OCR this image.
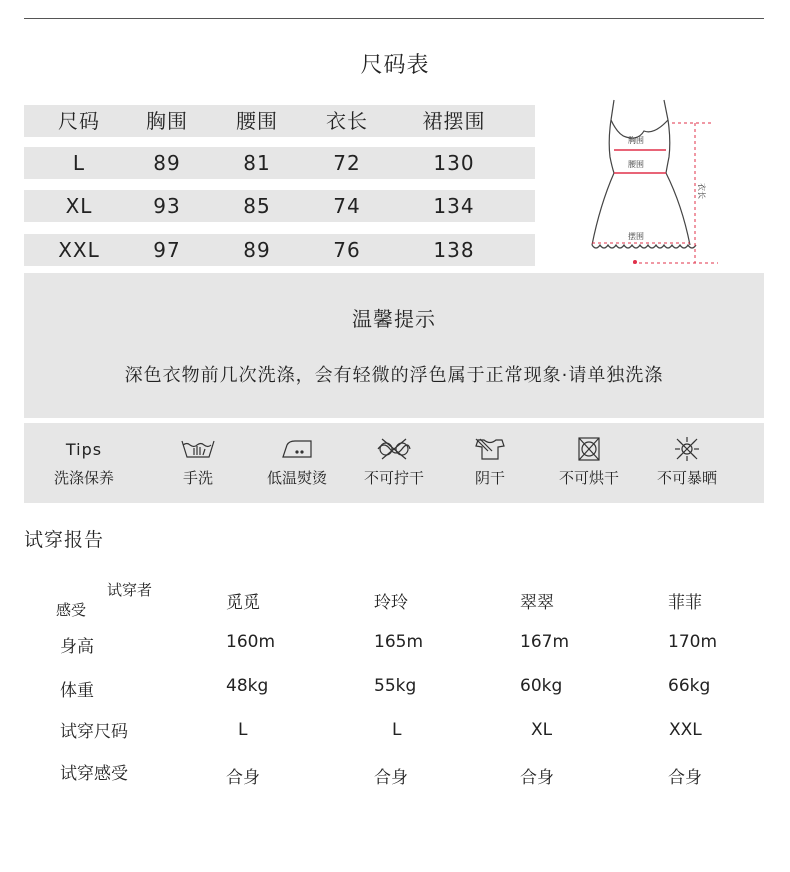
尺码表
尺码	胸围	腰围	衣长	裙摆围
L	89	81	72	130
XL	93	85	74	134
XXL	97	89	76	138
胸围
腰围
摆围
衣长
温馨提示
深色衣物前几次洗涤，会有轻微的浮色属于正常现象·请单独洗涤
Tips
洗涤保养	手洗	低温熨烫	不可拧干	阴干	不可烘干	不可暴晒
试穿报告
试穿者
感受	觅觅	玲玲	翠翠	菲菲
身高	160m	165m	167m	170m
体重	48kg	55kg	60kg	66kg
试穿尺码	L	L	XL	XXL
试穿感受	合身	合身	合身	合身
